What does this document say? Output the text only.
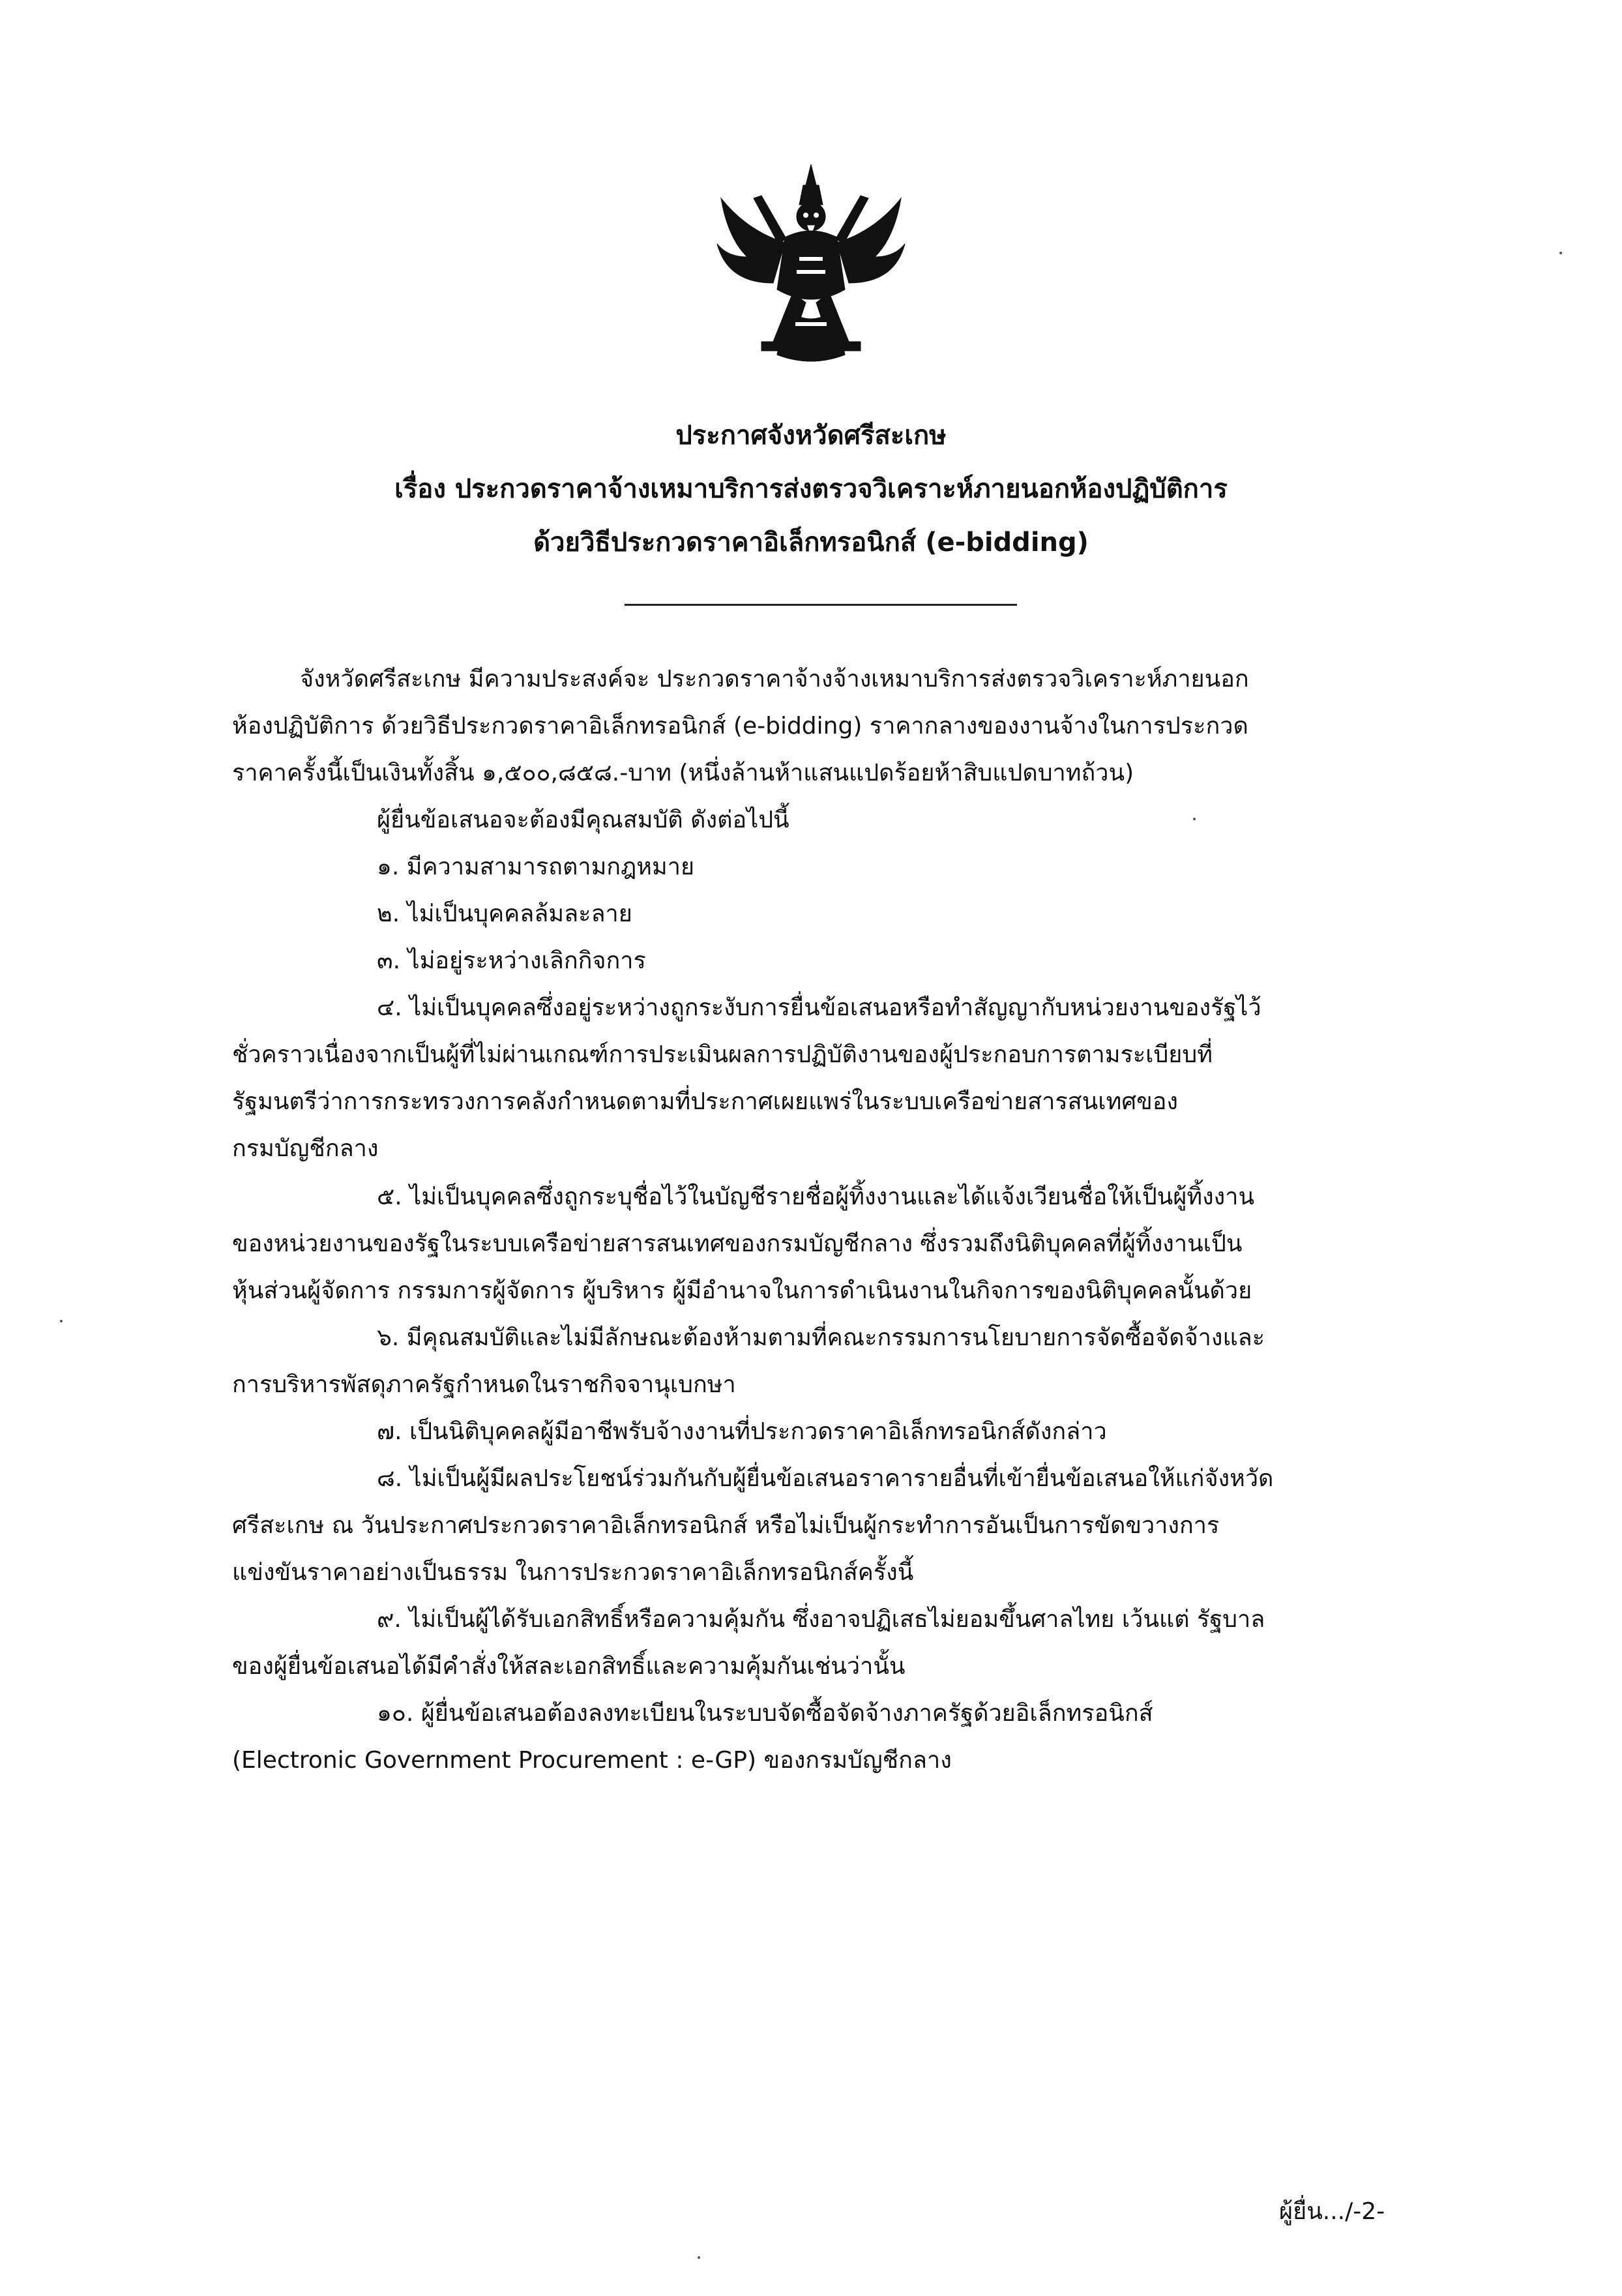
ประกาศจังหวัดศรีสะเกษ
เรื่อง ประกวดราคาจ้างเหมาบริการส่งตรวจวิเคราะห์ภายนอกห้องปฏิบัติการ
ด้วยวิธีประกวดราคาอิเล็กทรอนิกส์ (e-bidding)
จังหวัดศรีสะเกษ มีความประสงค์จะ ประกวดราคาจ้างจ้างเหมาบริการส่งตรวจวิเคราะห์ภายนอก
ห้องปฏิบัติการ ด้วยวิธีประกวดราคาอิเล็กทรอนิกส์ (e-bidding) ราคากลางของงานจ้างในการประกวด
ราคาครั้งนี้เป็นเงินทั้งสิ้น ๑,๕๐๐,๘๕๘.-บาท (หนึ่งล้านห้าแสนแปดร้อยห้าสิบแปดบาทถ้วน)
ผู้ยื่นข้อเสนอจะต้องมีคุณสมบัติ ดังต่อไปนี้
๑. มีความสามารถตามกฎหมาย
๒. ไม่เป็นบุคคลล้มละลาย
๓. ไม่อยู่ระหว่างเลิกกิจการ
๔. ไม่เป็นบุคคลซึ่งอยู่ระหว่างถูกระงับการยื่นข้อเสนอหรือทำสัญญากับหน่วยงานของรัฐไว้
ชั่วคราวเนื่องจากเป็นผู้ที่ไม่ผ่านเกณฑ์การประเมินผลการปฏิบัติงานของผู้ประกอบการตามระเบียบที่
รัฐมนตรีว่าการกระทรวงการคลังกำหนดตามที่ประกาศเผยแพร่ในระบบเครือข่ายสารสนเทศของ
กรมบัญชีกลาง
๕. ไม่เป็นบุคคลซึ่งถูกระบุชื่อไว้ในบัญชีรายชื่อผู้ทิ้งงานและได้แจ้งเวียนชื่อให้เป็นผู้ทิ้งงาน
ของหน่วยงานของรัฐในระบบเครือข่ายสารสนเทศของกรมบัญชีกลาง ซึ่งรวมถึงนิติบุคคลที่ผู้ทิ้งงานเป็น
หุ้นส่วนผู้จัดการ กรรมการผู้จัดการ ผู้บริหาร ผู้มีอำนาจในการดำเนินงานในกิจการของนิติบุคคลนั้นด้วย
๖. มีคุณสมบัติและไม่มีลักษณะต้องห้ามตามที่คณะกรรมการนโยบายการจัดซื้อจัดจ้างและ
การบริหารพัสดุภาครัฐกำหนดในราชกิจจานุเบกษา
๗. เป็นนิติบุคคลผู้มีอาชีพรับจ้างงานที่ประกวดราคาอิเล็กทรอนิกส์ดังกล่าว
๘. ไม่เป็นผู้มีผลประโยชน์ร่วมกันกับผู้ยื่นข้อเสนอราคารายอื่นที่เข้ายื่นข้อเสนอให้แก่จังหวัด
ศรีสะเกษ ณ วันประกาศประกวดราคาอิเล็กทรอนิกส์ หรือไม่เป็นผู้กระทำการอันเป็นการขัดขวางการ
แข่งขันราคาอย่างเป็นธรรม ในการประกวดราคาอิเล็กทรอนิกส์ครั้งนี้
๙. ไม่เป็นผู้ได้รับเอกสิทธิ์หรือความคุ้มกัน ซึ่งอาจปฏิเสธไม่ยอมขึ้นศาลไทย เว้นแต่ รัฐบาล
ของผู้ยื่นข้อเสนอได้มีคำสั่งให้สละเอกสิทธิ์และความคุ้มกันเช่นว่านั้น
๑๐. ผู้ยื่นข้อเสนอต้องลงทะเบียนในระบบจัดซื้อจัดจ้างภาครัฐด้วยอิเล็กทรอนิกส์
(Electronic Government Procurement : e-GP) ของกรมบัญชีกลาง
ผู้ยื่น.../-2-
